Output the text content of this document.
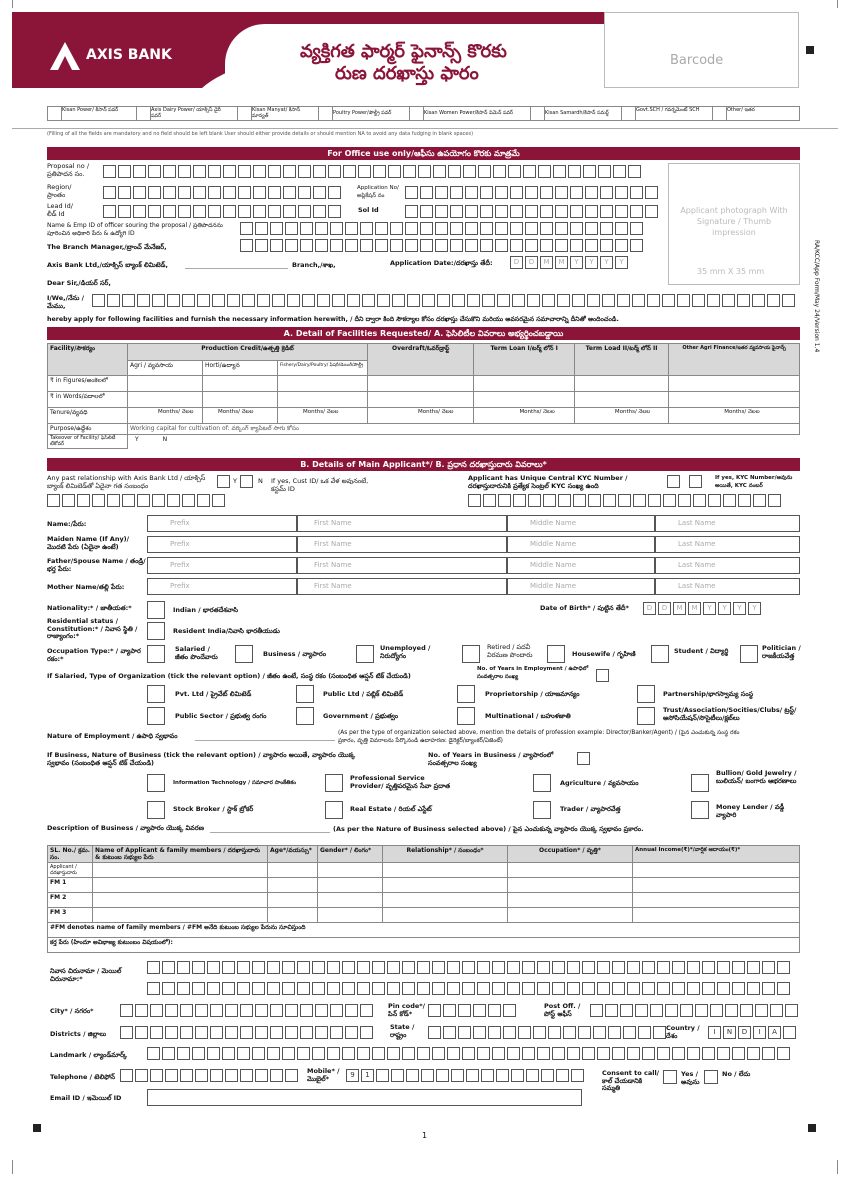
AXIS BANK	వ్యక్తిగత ఫార్మర్ ఫైనాన్స్ కొరకు
రుణ దరఖాస్తు ఫారం
Barcode
RA/KCC/App Form/May 24/Version 1.4
Kisan Power/ కిసాన్ పవర్	Axis Dairy Power/ యాక్సిస్ డైరీ పవర్
Kisan Manyat/ కిసాన్ మాన్యత్	Poultry Power/పౌల్ట్రీ పవర్	Kisan Women Power/కిసాన్ విమెన్ పవర్	Kisan Samardh/కిసాన్ సమర్థ్	Govt.SCH / గవర్నమెంట్ SCH	Other/ ఇతర
(Filling of all the fields are mandatory and no field should be left blank User should either provide details or should mention NA to avoid any data fudging in blank spaces)
For Office use only/ఆఫీసు ఉపయోగం కొరకు మాత్రమే
Proposal no / ప్రతిపాదన సం.
Region/ ప్రాంతం
Application No/ అప్లికేషన్ నం
Lead Id/ లీడ్ Id	Sol Id
Name & Emp ID of officer souring the proposal / ప్రతిపాదనను పూరించిన అధికారి పేరు & ఉద్యోగి ID
The Branch Manager,/బ్రాంచ్ మేనేజర్,
Axis Bank Ltd,/యాక్సిస్ బ్యాంక్ లిమిటెడ్,	Branch,/శాఖ,	Application Date:/దరఖాస్తు తేదీ:	D	D	M	M	Y	Y	Y	Y
Dear Sir,/డియర్ సర్,
I/We,/నేను /మేము,
hereby apply for following facilities and furnish the necessary information herewith, / దీని ద్వారా కింది సౌకర్యాల కోసం దరఖాస్తు చేసుకొని మరియు అవసరమైన సమాచారాన్ని దీనితో అందించండి.
Applicant photograph With Signature / Thumb impression
35 mm X 35 mm
A. Detail of Facilities Requested/ A. ఫెసిలిటీల వివరాలు అభ్యర్థించబడ్డాయి
Facility/సౌకర్యం	Production Credit/ఉత్పత్తి క్రెడిట్			Overdraft/ఓవర్‌డ్రాఫ్ట్	Term Loan I/టర్మ్ లోన్ I	Term Load II/టర్మ్ లోన్ II	Other Agri Finance/ఇతర వ్యవసాయ ఫైనాన్స్
	Agri / వ్యవసాయ	Horti/ఉద్యాన	Fishery/Dairy/Poultry/ ఫిషరీ/డెయిరీ/పౌల్ట్రీ				
₹ in Figures/అంకెలలో							
₹ in Words/పదాలలో							
Tenure/వ్యవధి	Months/ నెలల	Months/ నెలల	Months/ నెలల	Months/ నెలల	Months/ నెలల	Months/ నెలల	Months/ నెలల
Purpose/ఉద్దేశం	Working capital for cultivation of: వర్కింగ్ క్యాపిటల్ సాగు కోసం						
Takeover of Facility/ ఫెసిలిటీ టేకోవర్	Y N						
B. Details of Main Applicant*/ B. ప్రధాన దరఖాస్తుదారు వివరాలు*
Any past relationship with Axis Bank Ltd / యాక్సిస్ బ్యాంక్ లిమిటెడ్‌తో ఏదైనా గత సంబంధం
Y	N If yes, Cust ID/ ఒక వేళ అవునంటే, కస్టమ్ ID
Applicant has Unique Central KYC Number / దరఖాస్తుదారునికి ప్రత్యేక సెంట్రల్ KYC సంఖ్య ఉంది
If yes, KYC Number/అవును అయితే, KYC నంబర్
Name:/పేరు:
Maiden Name (If Any)/ మొదటి పేరు (ఏదైనా ఉంటే)
Father/Spouse Name / తండ్రి/భర్త పేరు:
Mother Name/తల్లి పేరు:
Prefix	First Name	Middle Name	Last Name
Prefix	First Name	Middle Name	Last Name
Prefix	First Name	Middle Name	Last Name
Prefix	First Name	Middle Name	Last Name
Nationality:* / జాతీయత:*	Indian / భారతదేశవాసి	Date of Birth* / పుట్టిన తేదీ*	D	D	M	M	Y	Y	Y	Y
Residential status / Constitution:* / నివాస స్థితి / రాజ్యాంగం:*
Resident India/నివాసి భారతీయుడు
Occupation Type:* / వ్యాపార రకం:*
Salaried / జీతం పొందేవారు	Business / వ్యాపారం
Unemployed / నిరుద్యోగం
Retired / పదవీ విరమణ పొందారు	Housewife / గృహిణి	Student / విద్యార్థి	Politician / రాజకీయవేత్త
If Salaried, Type of Organization (tick the relevant option) / జీతం ఉంటే, సంస్థ రకం (సంబంధిత ఆప్షన్ టిక్ చేయండి)
No. of Years in Employment / ఉపాధిలో సంవత్సరాల సంఖ్య
Pvt. Ltd / ప్రైవేట్ లిమిటెడ్	Public Ltd / పబ్లిక్ లిమిటెడ్	Proprietorship / యాజమాన్యం	Partnership/భాగస్వామ్య సంస్థ
Public Sector / ప్రభుత్వ రంగం	Government / ప్రభుత్వం	Multinational / బహుళజాతి
Trust/Association/Socities/Clubs/ ట్రస్ట్/అసోసియేషన్/సొసైటీలు/క్లబ్‌లు
Nature of Employment / ఉపాధి స్వభావం	(As per the type of organization selected above, mention the details of profession example: Director/Banker/Agent) / (పైన ఎంచుకున్న సంస్థ రకం ప్రకారం, వృత్తి వివరాలను పేర్కొనండి ఉదాహరణ: డైరెక్టర్/బ్యాంకర్/ఏజెంట్)
If Business, Nature of Business (tick the relevant option) / వ్యాపారం అయితే, వ్యాపారం యొక్క స్వభావం (సంబంధిత ఆప్షన్ టిక్ చేయండి)
No. of Years in Business / వ్యాపారంలో సంవత్సరాల సంఖ్య
Information Technology / సమాచార సాంకేతికం
Professional Service Provider/ వృత్తిపరమైన సేవా ప్రదాత	Agriculture / వ్యవసాయం
Bullion/ Gold Jewelry / బులియన్/ బంగారు ఆభరణాలు
Stock Broker / స్టాక్ బ్రోకర్	Real Estate / రియల్ ఎస్టేట్	Trader / వ్యాపారవేత్త	Money Lender / వడ్డీ వ్యాపారి
Description of Business / వ్యాపారం యొక్క వివరణ	(As per the Nature of Business selected above) / పైన ఎంచుకున్న వ్యాపారం యొక్క స్వభావం ప్రకారం.
SL. No./ క్రమ. సం.	Name of Applicant & family members / దరఖాస్తుదారు & కుటుంబ సభ్యుల పేరు	Age*/వయస్సు*	Gender* / లింగం*	Relationship* / సంబంధం*	Occupation* / వృత్తి*	Annual Income(₹)*/వార్షిక ఆదాయం(₹)*
Applicant / దరఖాస్తుదారు						
FM 1						
FM 2						
FM 3						
#FM denotes name of family members / #FM అనేది కుటుంబ సభ్యుల పేరును సూచిస్తుంది						
కర్త పేరు (హిందూ అవిభాజ్య కుటుంబం విషయంలో):						
నివాస చిరునామా / మెయిల్ చిరునామా:*
City* / నగరం*
Pin code*/ పిన్ కోడ్*
Post Off. / పోస్ట్ ఆఫీస్
Districts / జిల్లాలు
State / రాష్ట్రం
Country / దేశం	I	N	D	I	A
Landmark / ల్యాండ్‌మార్క్
Telephone / టెలిఫోన్
Mobile* / మొబైల్*	9	1	Consent to call/ కాల్ చేయడానికి సమ్మతి
Yes / అవును
No / లేదు
Email ID / ఇమెయిల్ ID
1
